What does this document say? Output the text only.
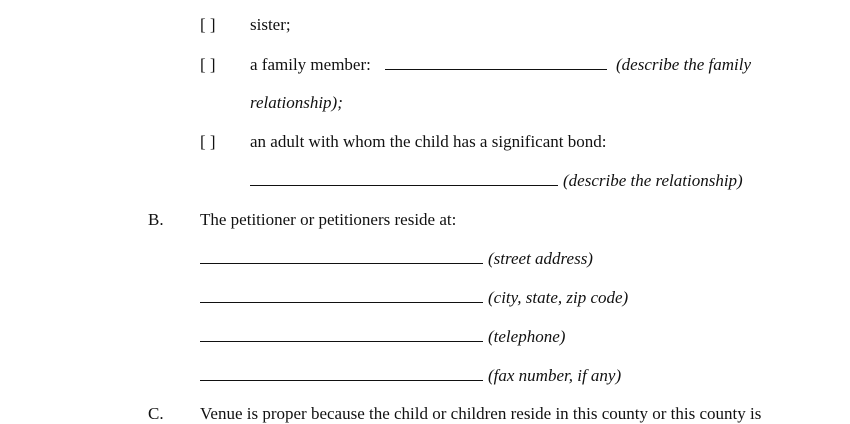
[ ] sister;
[ ] a family member:	(describe the family
relationship);
[ ] an adult with whom the child has a significant bond:
(describe the relationship)
B. The petitioner or petitioners reside at:
(street address)
(city, state, zip code)
(telephone)
(fax number, if any)
C. Venue is proper because the child or children reside in this county or this county is
